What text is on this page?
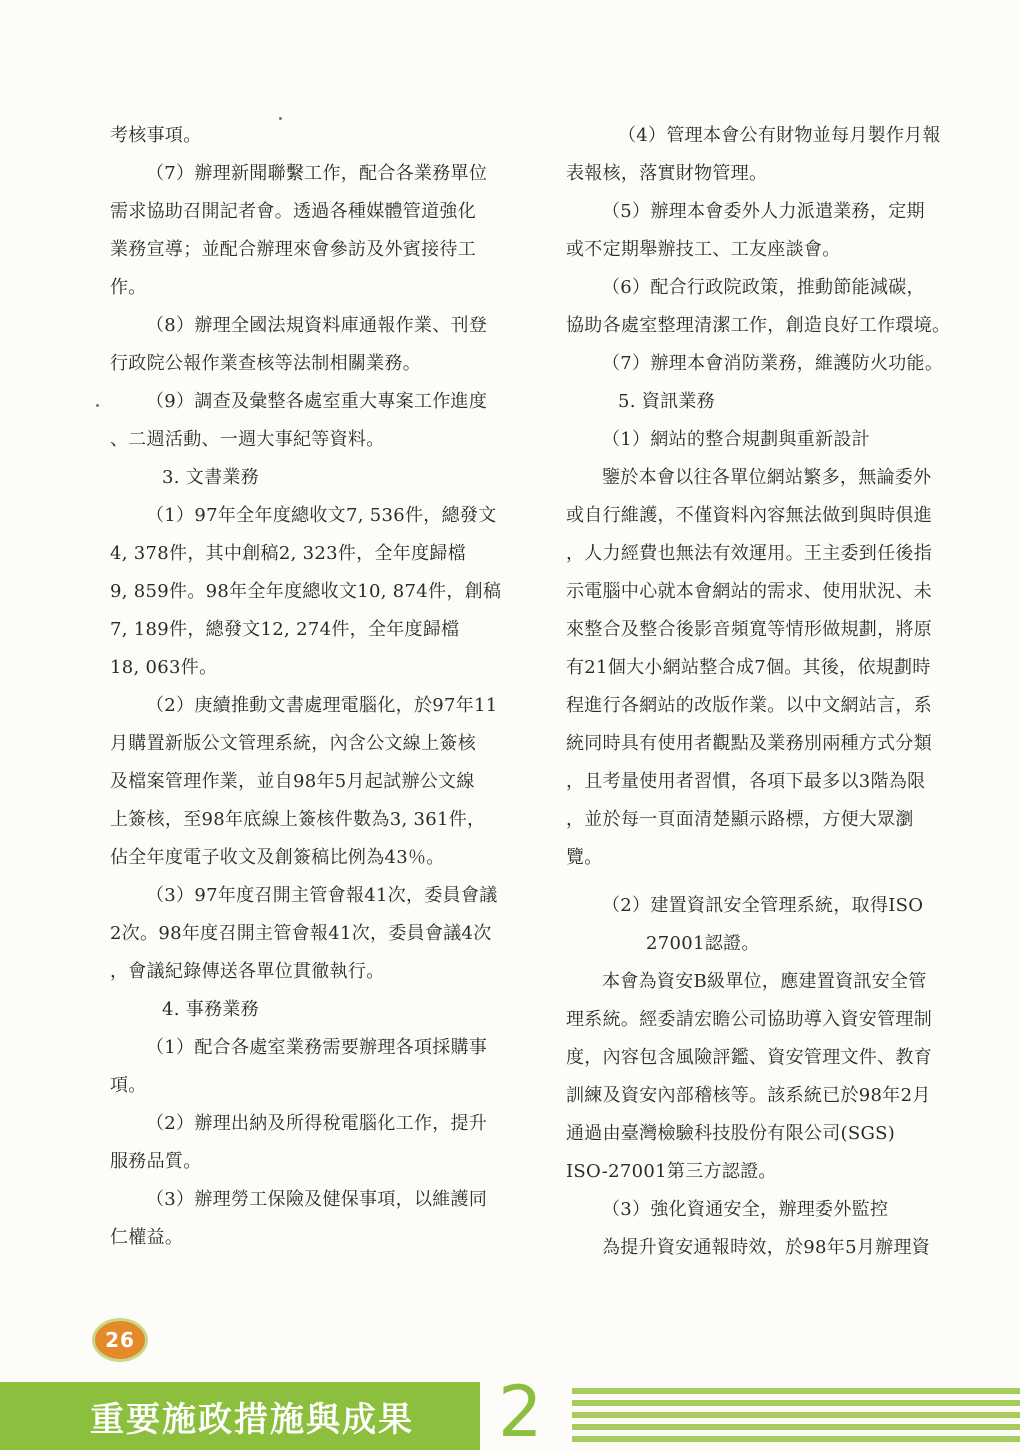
考核事項。
（7）辦理新聞聯繫工作，配合各業務單位
需求協助召開記者會。透過各種媒體管道強化
業務宣導；並配合辦理來會參訪及外賓接待工
作。
（8）辦理全國法規資料庫通報作業、刊登
行政院公報作業查核等法制相關業務。
（9）調查及彙整各處室重大專案工作進度
、二週活動、一週大事紀等資料。
3. 文書業務
（1）97年全年度總收文7, 536件，總發文
4, 378件，其中創稿2, 323件，全年度歸檔
9, 859件。98年全年度總收文10, 874件，創稿
7, 189件，總發文12, 274件，全年度歸檔
18, 063件。
（2）庚續推動文書處理電腦化，於97年11
月購置新版公文管理系統，內含公文線上簽核
及檔案管理作業，並自98年5月起試辦公文線
上簽核，至98年底線上簽核件數為3, 361件，
佔全年度電子收文及創簽稿比例為43％。
（3）97年度召開主管會報41次，委員會議
2次。98年度召開主管會報41次，委員會議4次
，會議紀錄傳送各單位貫徹執行。
4. 事務業務
（1）配合各處室業務需要辦理各項採購事
項。
（2）辦理出納及所得稅電腦化工作，提升
服務品質。
（3）辦理勞工保險及健保事項，以維護同
仁權益。
（4）管理本會公有財物並每月製作月報
表報核，落實財物管理。
（5）辦理本會委外人力派遣業務，定期
或不定期舉辦技工、工友座談會。
（6）配合行政院政策，推動節能減碳，
協助各處室整理清潔工作，創造良好工作環境。
（7）辦理本會消防業務，維護防火功能。
5. 資訊業務
（1）網站的整合規劃與重新設計
鑒於本會以往各單位網站繁多，無論委外
或自行維護，不僅資料內容無法做到與時俱進
，人力經費也無法有效運用。王主委到任後指
示電腦中心就本會網站的需求、使用狀況、未
來整合及整合後影音頻寬等情形做規劃，將原
有21個大小網站整合成7個。其後，依規劃時
程進行各網站的改版作業。以中文網站言，系
統同時具有使用者觀點及業務別兩種方式分類
，且考量使用者習慣，各項下最多以3階為限
，並於每一頁面清楚顯示路標，方便大眾瀏
覽。
（2）建置資訊安全管理系統，取得ISO
27001認證。
本會為資安B級單位，應建置資訊安全管
理系統。經委請宏瞻公司協助導入資安管理制
度，內容包含風險評鑑、資安管理文件、教育
訓練及資安內部稽核等。該系統已於98年2月
通過由臺灣檢驗科技股份有限公司(SGS)
ISO-27001第三方認證。
（3）強化資通安全，辦理委外監控
為提升資安通報時效，於98年5月辦理資
26
重要施政措施與成果 2
